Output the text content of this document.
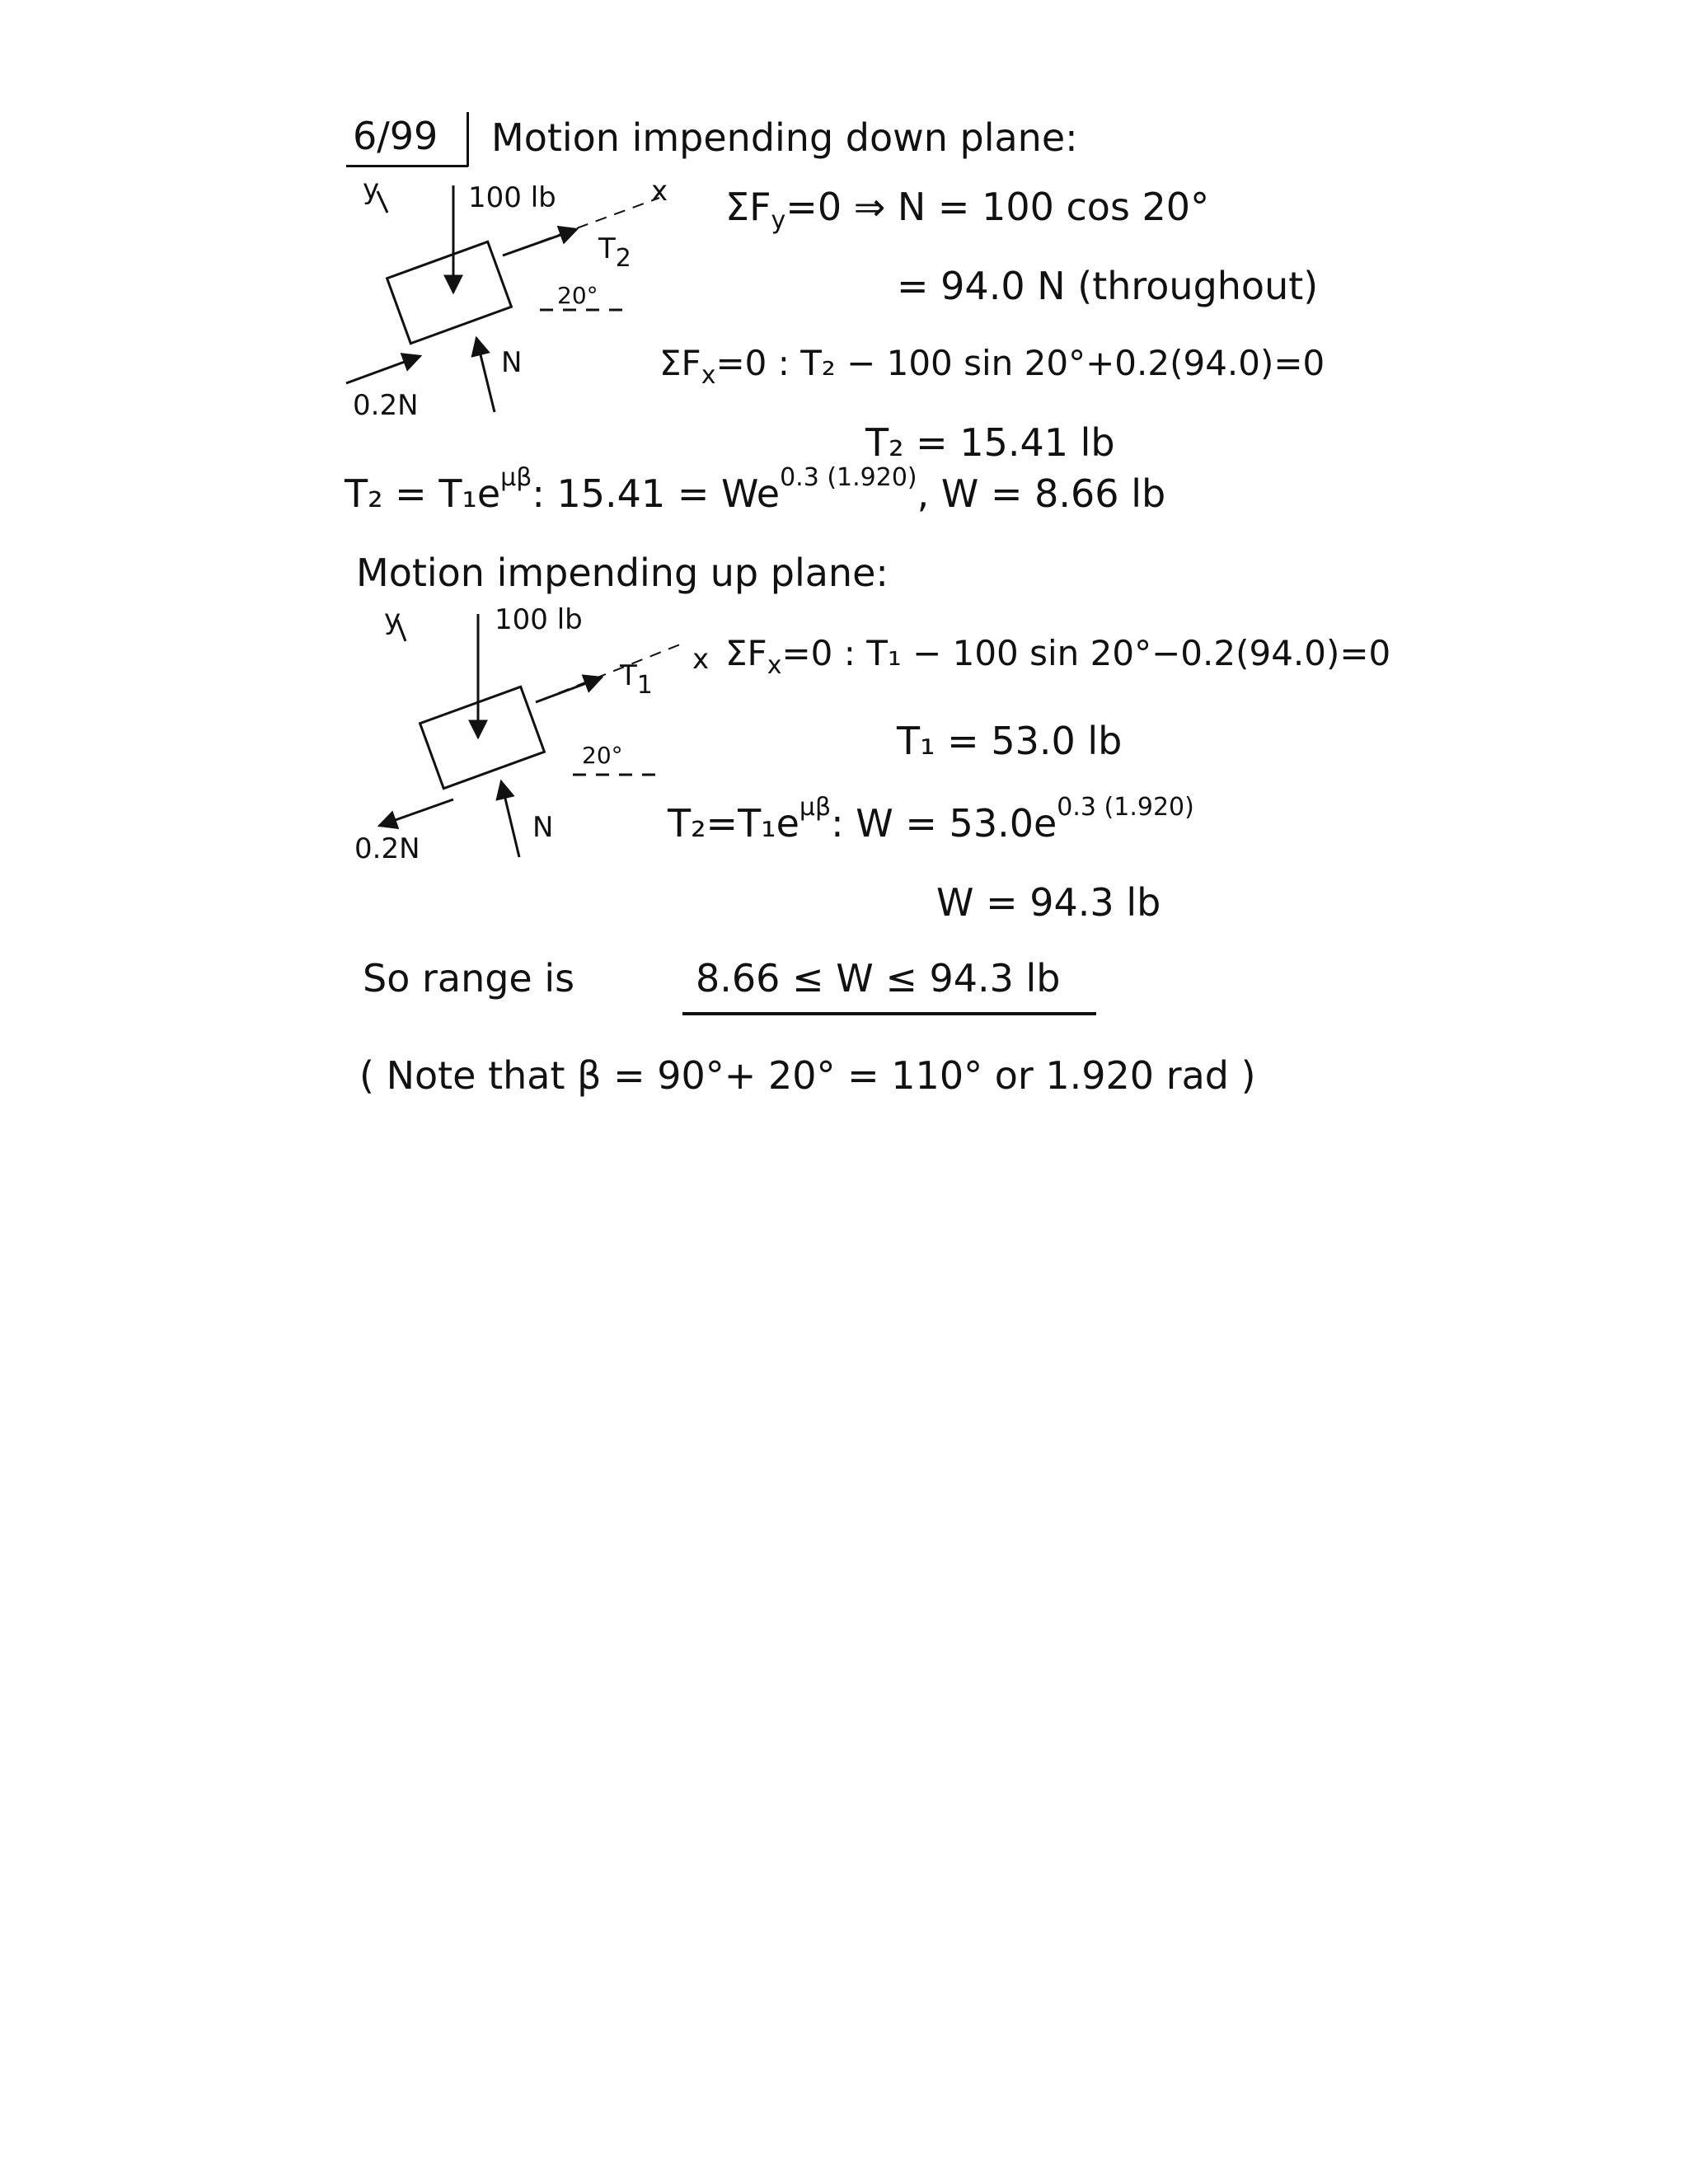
6/99 Motion impending down plane:
y	100 lb	x
$T_2$
20°
N
0.2N
$\Sigma F_y=0$ ⇒ N = 100 cos 20°
= 94.0 N (throughout)
$\Sigma F_x=0$ : T₂ − 100 sin 20°+0.2(94.0)=0
T₂ = 15.41 lb
$T_2 = T_1e^{\mu\beta}$: $15.41 = We^{0.3 (1.920)}$, W = 8.66 lb
Motion impending up plane:
y	100 lb
x
$T_1$
20°
N
0.2N
$\Sigma F_x=0$ : T₁ − 100 sin 20°−0.2(94.0)=0
T₁ = 53.0 lb
$T_2=T_1e^{\mu\beta}$: $W = 53.0e^{0.3 (1.920)}$
W = 94.3 lb
So range is	8.66 ≤ W ≤ 94.3 lb
( Note that β = 90°+ 20° = 110° or 1.920 rad )
